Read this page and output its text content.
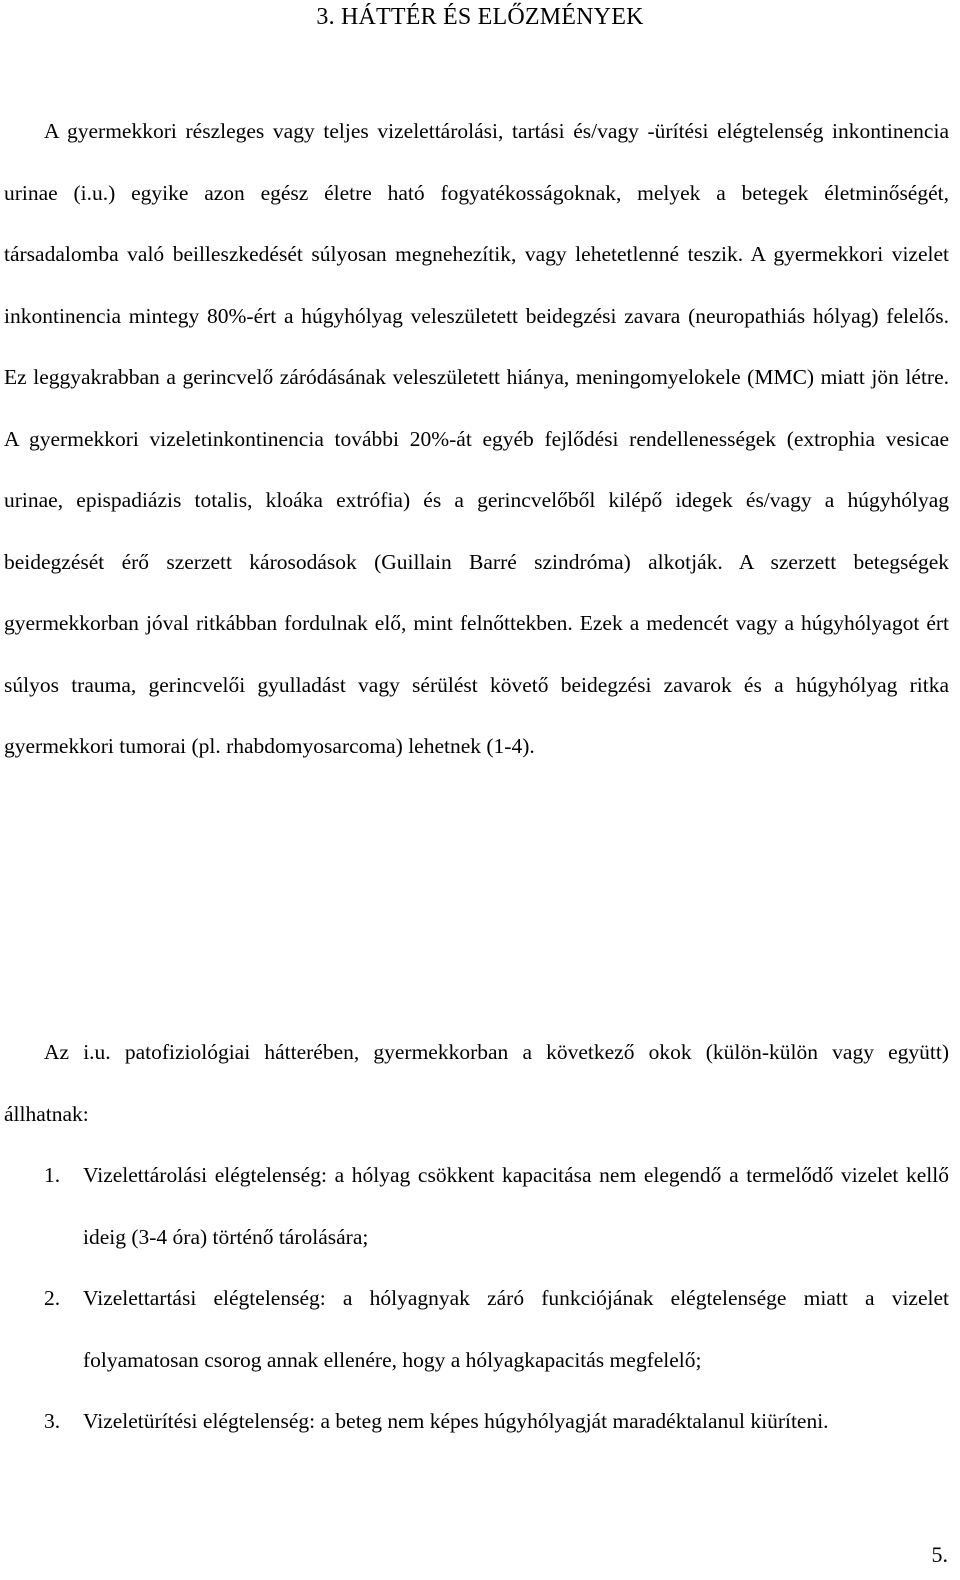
3. HÁTTÉR ÉS ELŐZMÉNYEK

A gyermekkori részleges vagy teljes vizelettárolási, tartási és/vagy -ürítési elégtelenség inkontinencia urinae (i.u.) egyike azon egész életre ható fogyatékosságoknak, melyek a betegek életminőségét, társadalomba való beilleszkedését súlyosan megnehezítik, vagy lehetetlenné teszik. A gyermekkori vizelet inkontinencia mintegy 80%-ért a húgyhólyag veleszületett beidegzési zavara (neuropathiás hólyag) felelős. Ez leggyakrabban a gerincvelő záródásának veleszületett hiánya, meningomyelokele (MMC) miatt jön létre. A gyermekkori vizeletinkontinencia további 20%-át egyéb fejlődési rendellenességek (extrophia vesicae urinae, epispadiázis totalis, kloáka extrófia) és a gerincvelőből kilépő idegek és/vagy a húgyhólyag beidegzését érő szerzett károsodások (Guillain Barré szindróma) alkotják. A szerzett betegségek gyermekkorban jóval ritkábban fordulnak elő, mint felnőttekben. Ezek a medencét vagy a húgyhólyagot ért súlyos trauma, gerincvelői gyulladást vagy sérülést követő beidegzési zavarok és a húgyhólyag ritka gyermekkori tumorai (pl. rhabdomyosarcoma) lehetnek (1-4).

Az i.u. patofiziológiai hátterében, gyermekkorban a következő okok (külön-külön vagy együtt) állhatnak:

1. Vizelettárolási elégtelenség: a hólyag csökkent kapacitása nem elegendő a termelődő vizelet kellő ideig (3-4 óra) történő tárolására;
2. Vizelettartási elégtelenség: a hólyagnyak záró funkciójának elégtelensége miatt a vizelet folyamatosan csorog annak ellenére, hogy a hólyagkapacitás megfelelő;
3. Vizeletürítési elégtelenség: a beteg nem képes húgyhólyagját maradéktalanul kiüríteni.
5.
